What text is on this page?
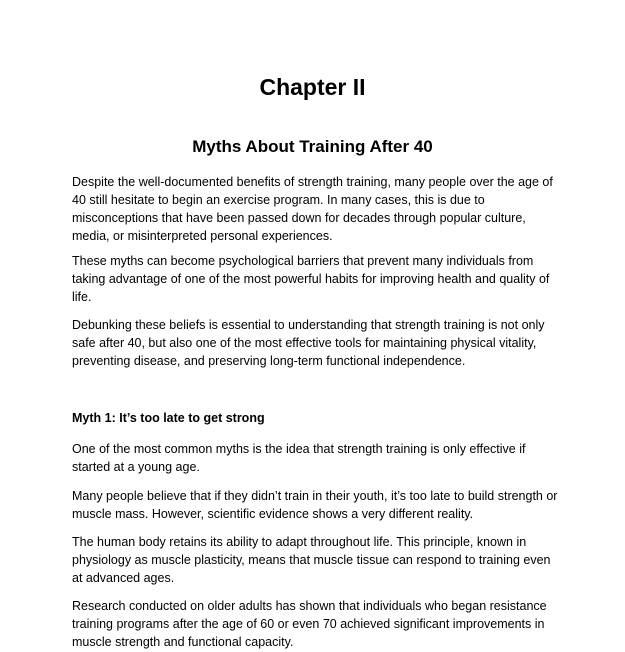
Chapter II
Myths About Training After 40

Despite the well-documented benefits of strength training, many people over the age of 40 still hesitate to begin an exercise program. In many cases, this is due to misconceptions that have been passed down for decades through popular culture, media, or misinterpreted personal experiences.

These myths can become psychological barriers that prevent many individuals from taking advantage of one of the most powerful habits for improving health and quality of life.

Debunking these beliefs is essential to understanding that strength training is not only safe after 40, but also one of the most effective tools for maintaining physical vitality, preventing disease, and preserving long-term functional independence.

Myth 1: It’s too late to get strong

One of the most common myths is the idea that strength training is only effective if started at a young age.

Many people believe that if they didn’t train in their youth, it’s too late to build strength or muscle mass. However, scientific evidence shows a very different reality.

The human body retains its ability to adapt throughout life. This principle, known in physiology as muscle plasticity, means that muscle tissue can respond to training even at advanced ages.

Research conducted on older adults has shown that individuals who began resistance training programs after the age of 60 or even 70 achieved significant improvements in muscle strength and functional capacity.
